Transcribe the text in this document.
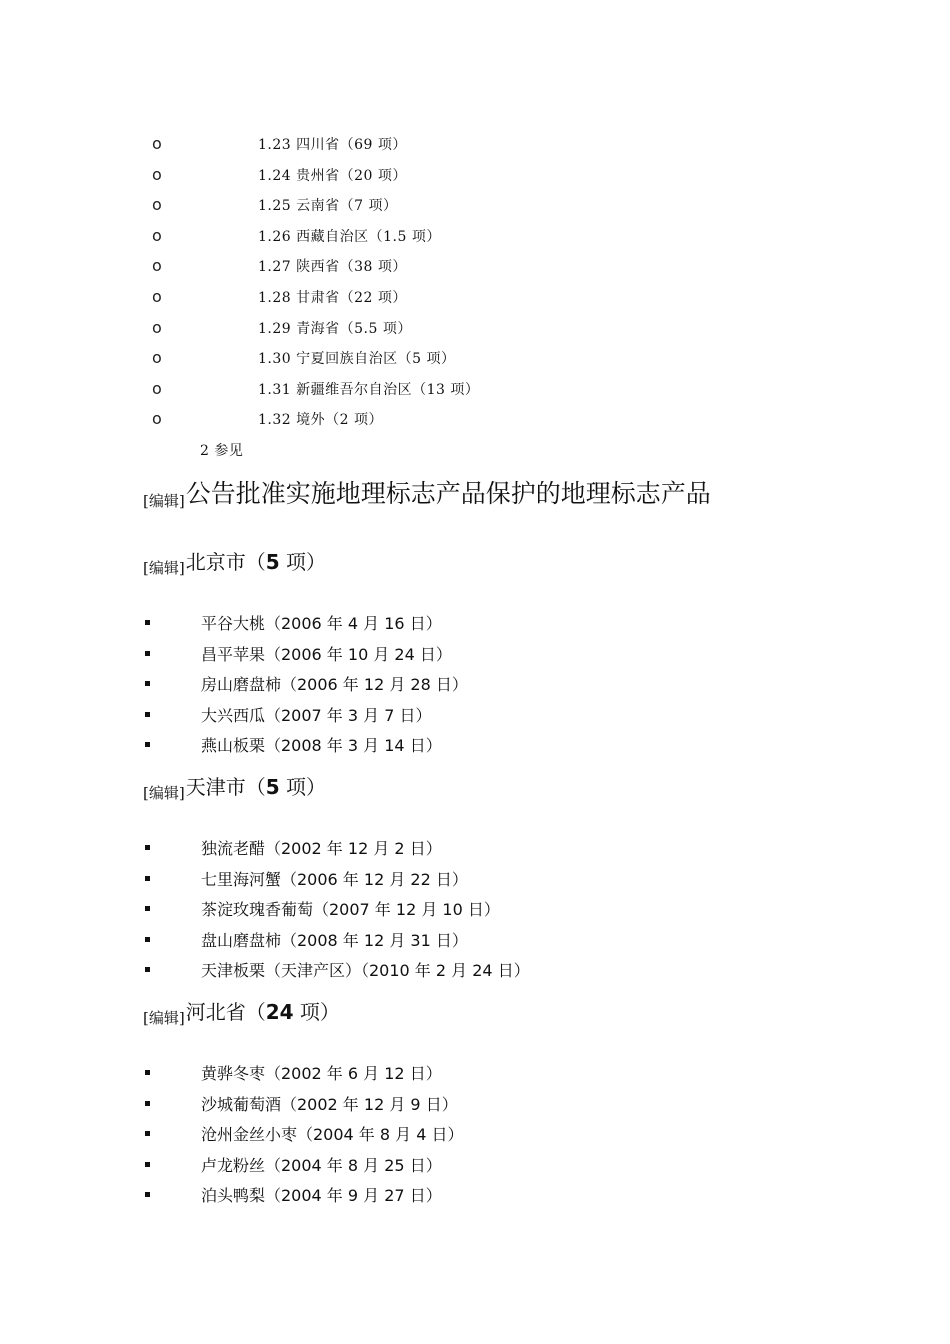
o	1.23 四川省（69 项）
o	1.24 贵州省（20 项）
o	1.25 云南省（7 项）
o	1.26 西藏自治区（1.5 项）
o	1.27 陕西省（38 项）
o	1.28 甘肃省（22 项）
o	1.29 青海省（5.5 项）
o	1.30 宁夏回族自治区（5 项）
o	1.31 新疆维吾尔自治区（13 项）
o	1.32 境外（2 项）
2 参见
[编辑]公告批准实施地理标志产品保护的地理标志产品
$_{[编辑]}$北京市（5 项）
平谷大桃（2006 年 4 月 16 日）
昌平苹果（2006 年 10 月 24 日）
房山磨盘柿（2006 年 12 月 28 日）
大兴西瓜（2007 年 3 月 7 日）
燕山板栗（2008 年 3 月 14 日）
$_{[编辑]}$天津市（5 项）
独流老醋（2002 年 12 月 2 日）
七里海河蟹（2006 年 12 月 22 日）
茶淀玫瑰香葡萄（2007 年 12 月 10 日）
盘山磨盘柿（2008 年 12 月 31 日）
天津板栗（天津产区）（2010 年 2 月 24 日）
$_{[编辑]}$河北省（24 项）
黄骅冬枣（2002 年 6 月 12 日）
沙城葡萄酒（2002 年 12 月 9 日）
沧州金丝小枣（2004 年 8 月 4 日）
卢龙粉丝（2004 年 8 月 25 日）
泊头鸭梨（2004 年 9 月 27 日）
